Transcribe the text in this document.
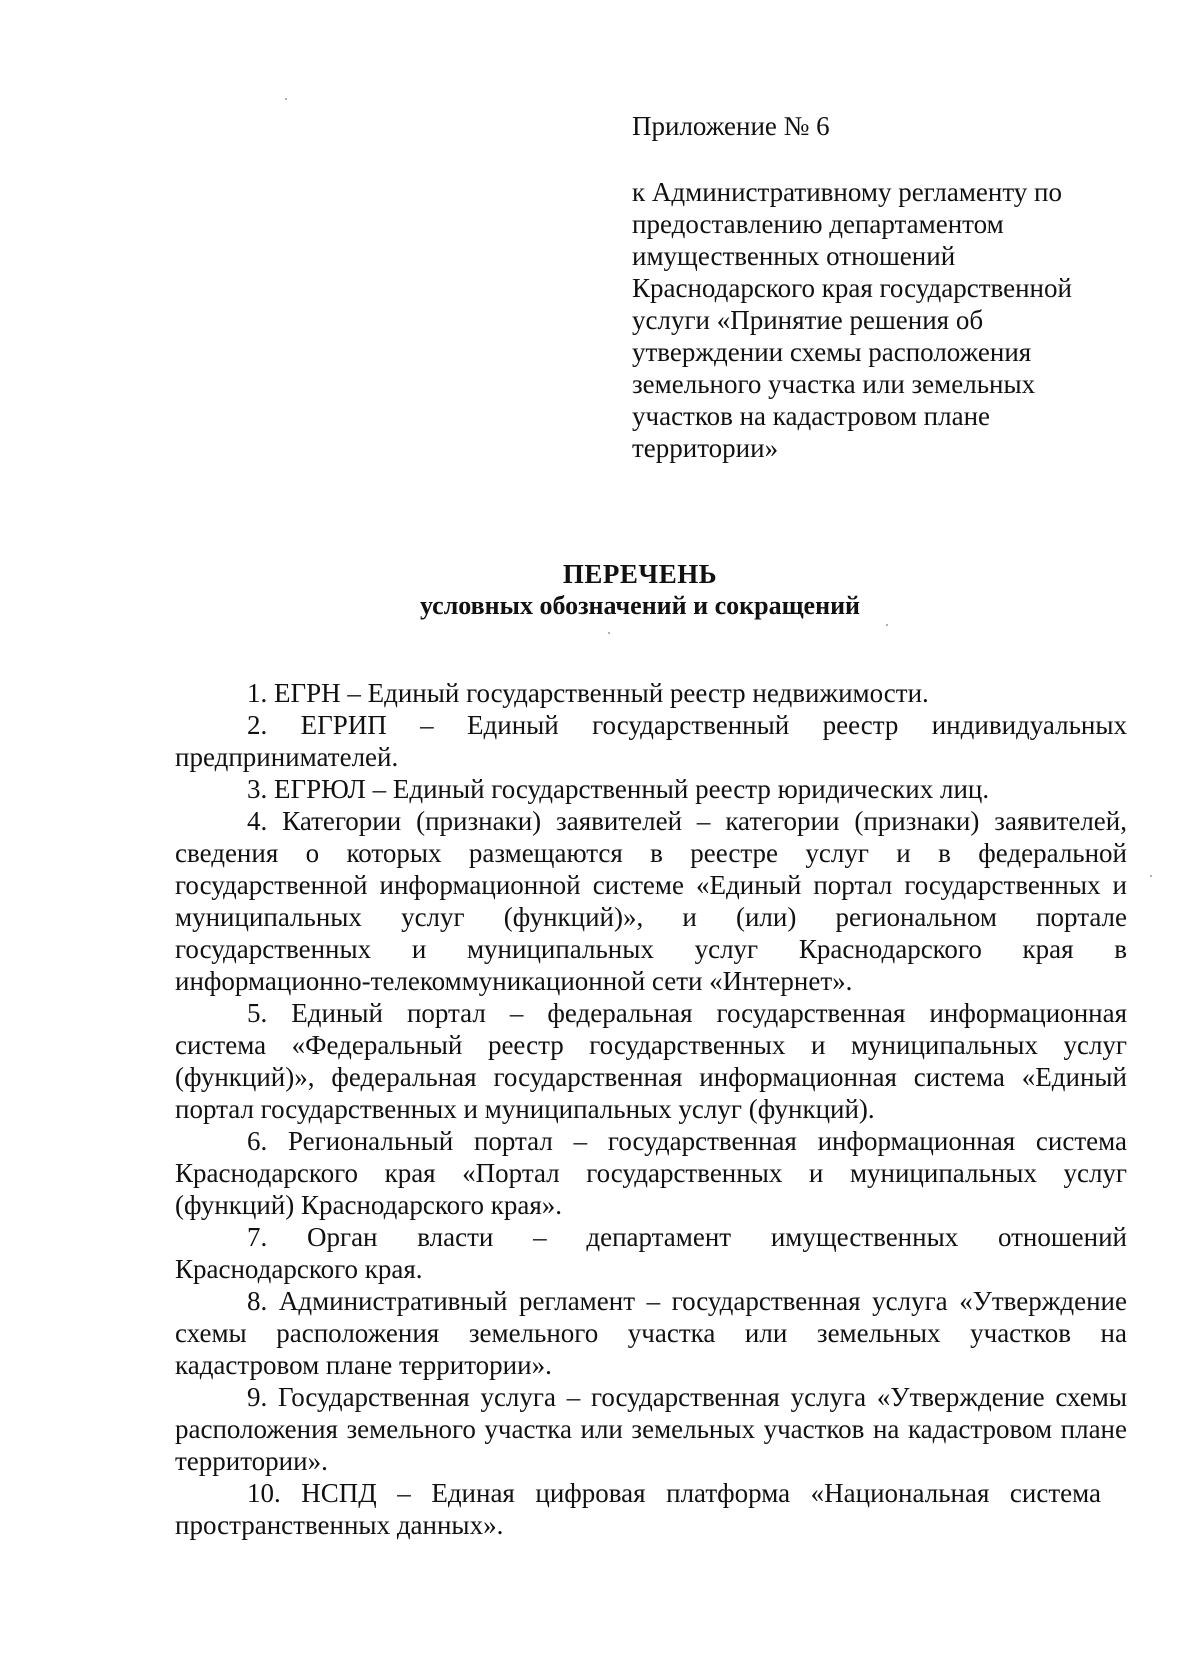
Приложение № 6
к Административному регламенту по
предоставлению департаментом
имущественных отношений
Краснодарского края государственной
услуги «Принятие решения об
утверждении схемы расположения
земельного участка или земельных
участков на кадастровом плане
территории»
ПЕРЕЧЕНЬ
условных обозначений и сокращений
1. ЕГРН – Единый государственный реестр недвижимости.
2. ЕГРИП – Единый государственный реестр индивидуальных
предпринимателей.
3. ЕГРЮЛ – Единый государственный реестр юридических лиц.
4. Категории (признаки) заявителей – категории (признаки) заявителей,
сведения о которых размещаются в реестре услуг и в федеральной
государственной информационной системе «Единый портал государственных и
муниципальных услуг (функций)», и (или) региональном портале
государственных и муниципальных услуг Краснодарского края в
информационно-телекоммуникационной сети «Интернет».
5. Единый портал – федеральная государственная информационная
система «Федеральный реестр государственных и муниципальных услуг
(функций)», федеральная государственная информационная система «Единый
портал государственных и муниципальных услуг (функций).
6. Региональный портал – государственная информационная система
Краснодарского края «Портал государственных и муниципальных услуг
(функций) Краснодарского края».
7. Орган власти – департамент имущественных отношений
Краснодарского края.
8. Административный регламент – государственная услуга «Утверждение
схемы расположения земельного участка или земельных участков на
кадастровом плане территории».
9. Государственная услуга – государственная услуга «Утверждение схемы
расположения земельного участка или земельных участков на кадастровом плане
территории».
10. НСПД – Единая цифровая платформа «Национальная система
пространственных данных».
